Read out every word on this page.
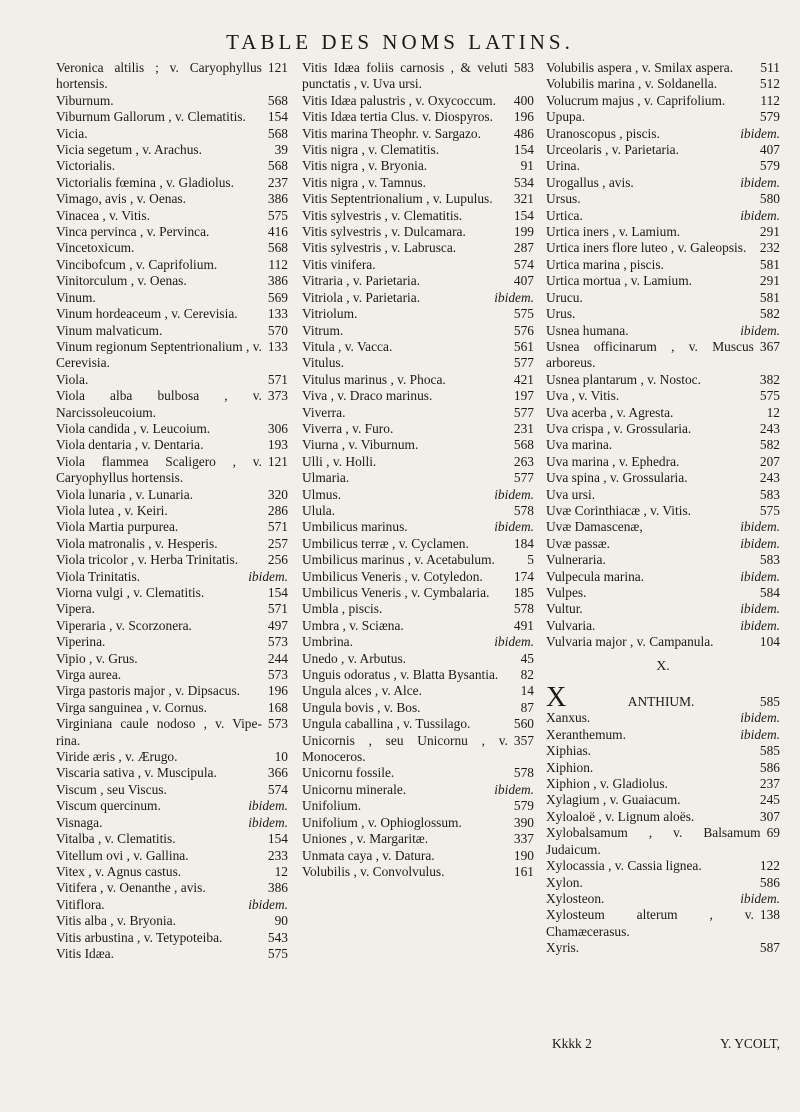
TABLE DES NOMS LATINS.
Veronica altilis ; v. Caryophyllus hortensis.
121
Viburnum.	568
Viburnum Gallorum , v. Clematitis.	154
Vicia.	568
Vicia segetum , v. Arachus.	39
Victorialis.	568
Victorialis fœmina , v. Gladiolus.	237
Vimago, avis , v. Oenas.	386
Vinacea , v. Vitis.	575
Vinca pervinca , v. Pervinca.	416
Vincetoxicum.	568
Vincibofcum , v. Caprifolium.	112
Vinitorculum , v. Oenas.	386
Vinum.	569
Vinum hordeaceum , v. Cerevisia.	133
Vinum malvaticum.	570
Vinum regionum Septentrionalium , v. Cerevisia.
133
Viola.	571
Viola alba bulbosa , v. Narcissoleucoium.
373
Viola candida , v. Leucoium.	306
Viola dentaria , v. Dentaria.	193
Viola flammea Scaligero , v. Caryophyllus hortensis.
121
Viola lunaria , v. Lunaria.	320
Viola lutea , v. Keiri.	286
Viola Martia purpurea.	571
Viola matronalis , v. Hesperis.	257
Viola tricolor , v. Herba Trinitatis.	256
Viola Trinitatis.	ibidem.
Viorna vulgi , v. Clematitis.	154
Vipera.	571
Viperaria , v. Scorzonera.	497
Viperina.	573
Vipio , v. Grus.	244
Virga aurea.	573
Virga pastoris major , v. Dipsacus.	196
Virga sanguinea , v. Cornus.	168
Virginiana caule nodoso , v. Vipe-rina.
573
Viride æris , v. Ærugo.	10
Viscaria sativa , v. Muscipula.	366
Viscum , seu Viscus.	574
Viscum quercinum.	ibidem.
Visnaga.	ibidem.
Vitalba , v. Clematitis.	154
Vitellum ovi , v. Gallina.	233
Vitex , v. Agnus castus.	12
Vitifera , v. Oenanthe , avis.	386
Vitiflora.	ibidem.
Vitis alba , v. Bryonia.	90
Vitis arbustina , v. Tetypoteiba.	543
Vitis Idæa.	575
Vitis Idæa foliis carnosis , & veluti punctatis , v. Uva ursi.
583
Vitis Idæa palustris , v. Oxycoccum.	400
Vitis Idæa tertia Clus. v. Diospyros.	196
Vitis marina Theophr. v. Sargazo.	486
Vitis nigra , v. Clematitis.	154
Vitis nigra , v. Bryonia.	91
Vitis nigra , v. Tamnus.	534
Vitis Septentrionalium , v. Lupulus.	321
Vitis sylvestris , v. Clematitis.	154
Vitis sylvestris , v. Dulcamara.	199
Vitis sylvestris , v. Labrusca.	287
Vitis vinifera.	574
Vitraria , v. Parietaria.	407
Vitriola , v. Parietaria.	ibidem.
Vitriolum.	575
Vitrum.	576
Vitula , v. Vacca.	561
Vitulus.	577
Vitulus marinus , v. Phoca.	421
Viva , v. Draco marinus.	197
Viverra.	577
Viverra , v. Furo.	231
Viurna , v. Viburnum.	568
Ulli , v. Holli.	263
Ulmaria.	577
Ulmus.	ibidem.
Ulula.	578
Umbilicus marinus.	ibidem.
Umbilicus terræ , v. Cyclamen.	184
Umbilicus marinus , v. Acetabulum.	5
Umbilicus Veneris , v. Cotyledon.	174
Umbilicus Veneris , v. Cymbalaria.	185
Umbla , piscis.	578
Umbra , v. Sciæna.	491
Umbrina.	ibidem.
Unedo , v. Arbutus.	45
Unguis odoratus , v. Blatta Bysantia.	82
Ungula alces , v. Alce.	14
Ungula bovis , v. Bos.	87
Ungula caballina , v. Tussilago.	560
Unicornis , seu Unicornu , v. Monoceros.
357
Unicornu fossile.	578
Unicornu minerale.	ibidem.
Unifolium.	579
Unifolium , v. Ophioglossum.	390
Uniones , v. Margaritæ.	337
Unmata caya , v. Datura.	190
Volubilis , v. Convolvulus.	161
Volubilis aspera , v. Smilax aspera.	511
Volubilis marina , v. Soldanella.	512
Volucrum majus , v. Caprifolium.	112
Upupa.	579
Uranoscopus , piscis.	ibidem.
Urceolaris , v. Parietaria.	407
Urina.	579
Urogallus , avis.	ibidem.
Ursus.	580
Urtica.	ibidem.
Urtica iners , v. Lamium.	291
Urtica iners flore luteo , v. Galeopsis.	232
Urtica marina , piscis.	581
Urtica mortua , v. Lamium.	291
Urucu.	581
Urus.	582
Usnea humana.	ibidem.
Usnea officinarum , v. Muscus arboreus.
367
Usnea plantarum , v. Nostoc.	382
Uva , v. Vitis.	575
Uva acerba , v. Agresta.	12
Uva crispa , v. Grossularia.	243
Uva marina.	582
Uva marina , v. Ephedra.	207
Uva spina , v. Grossularia.	243
Uva ursi.	583
Uvæ Corinthiacæ , v. Vitis.	575
Uvæ Damascenæ,	ibidem.
Uvæ passæ.	ibidem.
Vulneraria.	583
Vulpecula marina.	ibidem.
Vulpes.	584
Vultur.	ibidem.
Vulvaria.	ibidem.
Vulvaria major , v. Campanula.	104
X.
X	ANTHIUM.	585
Xanxus.	ibidem.
Xeranthemum.	ibidem.
Xiphias.	585
Xiphion.	586
Xiphion , v. Gladiolus.	237
Xylagium , v. Guaiacum.	245
Xyloaloë , v. Lignum aloës.	307
Xylobalsamum , v. Balsamum Judaicum.
69
Xylocassia , v. Cassia lignea.	122
Xylon.	586
Xylosteon.	ibidem.
Xylosteum alterum , v. Chamæcerasus.
138
Xyris.	587
Kkkk 2	Y. YCOLT,
